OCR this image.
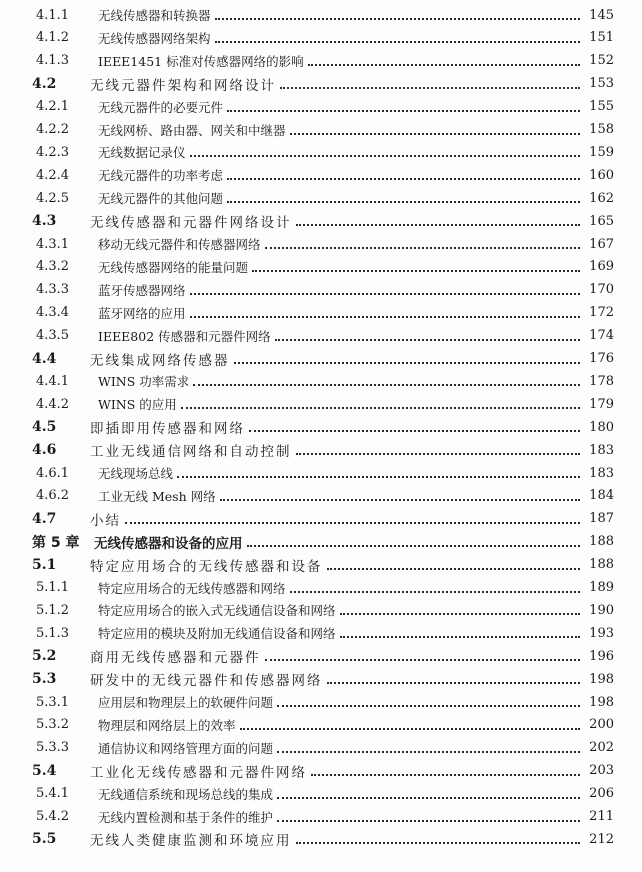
4.1.1	无线传感器和转换器	145
4.1.2	无线传感器网络架构	151
4.1.3	IEEE1451 标准对传感器网络的影响	152
4.2	无线元器件架构和网络设计	153
4.2.1	无线元器件的必要元件	155
4.2.2	无线网桥、路由器、网关和中继器	158
4.2.3	无线数据记录仪	159
4.2.4	无线元器件的功率考虑	160
4.2.5	无线元器件的其他问题	162
4.3	无线传感器和元器件网络设计	165
4.3.1	移动无线元器件和传感器网络	167
4.3.2	无线传感器网络的能量问题	169
4.3.3	蓝牙传感器网络	170
4.3.4	蓝牙网络的应用	172
4.3.5	IEEE802 传感器和元器件网络	174
4.4	无线集成网络传感器	176
4.4.1	WINS 功率需求	178
4.4.2	WINS 的应用	179
4.5	即插即用传感器和网络	180
4.6	工业无线通信网络和自动控制	183
4.6.1	无线现场总线	183
4.6.2	工业无线 Mesh 网络	184
4.7	小结	187
第 5 章	无线传感器和设备的应用	188
5.1	特定应用场合的无线传感器和设备	188
5.1.1	特定应用场合的无线传感器和网络	189
5.1.2	特定应用场合的嵌入式无线通信设备和网络	190
5.1.3	特定应用的模块及附加无线通信设备和网络	193
5.2	商用无线传感器和元器件	196
5.3	研发中的无线元器件和传感器网络	198
5.3.1	应用层和物理层上的软硬件问题	198
5.3.2	物理层和网络层上的效率	200
5.3.3	通信协议和网络管理方面的问题	202
5.4	工业化无线传感器和元器件网络	203
5.4.1	无线通信系统和现场总线的集成	206
5.4.2	无线内置检测和基于条件的维护	211
5.5	无线人类健康监测和环境应用	212
